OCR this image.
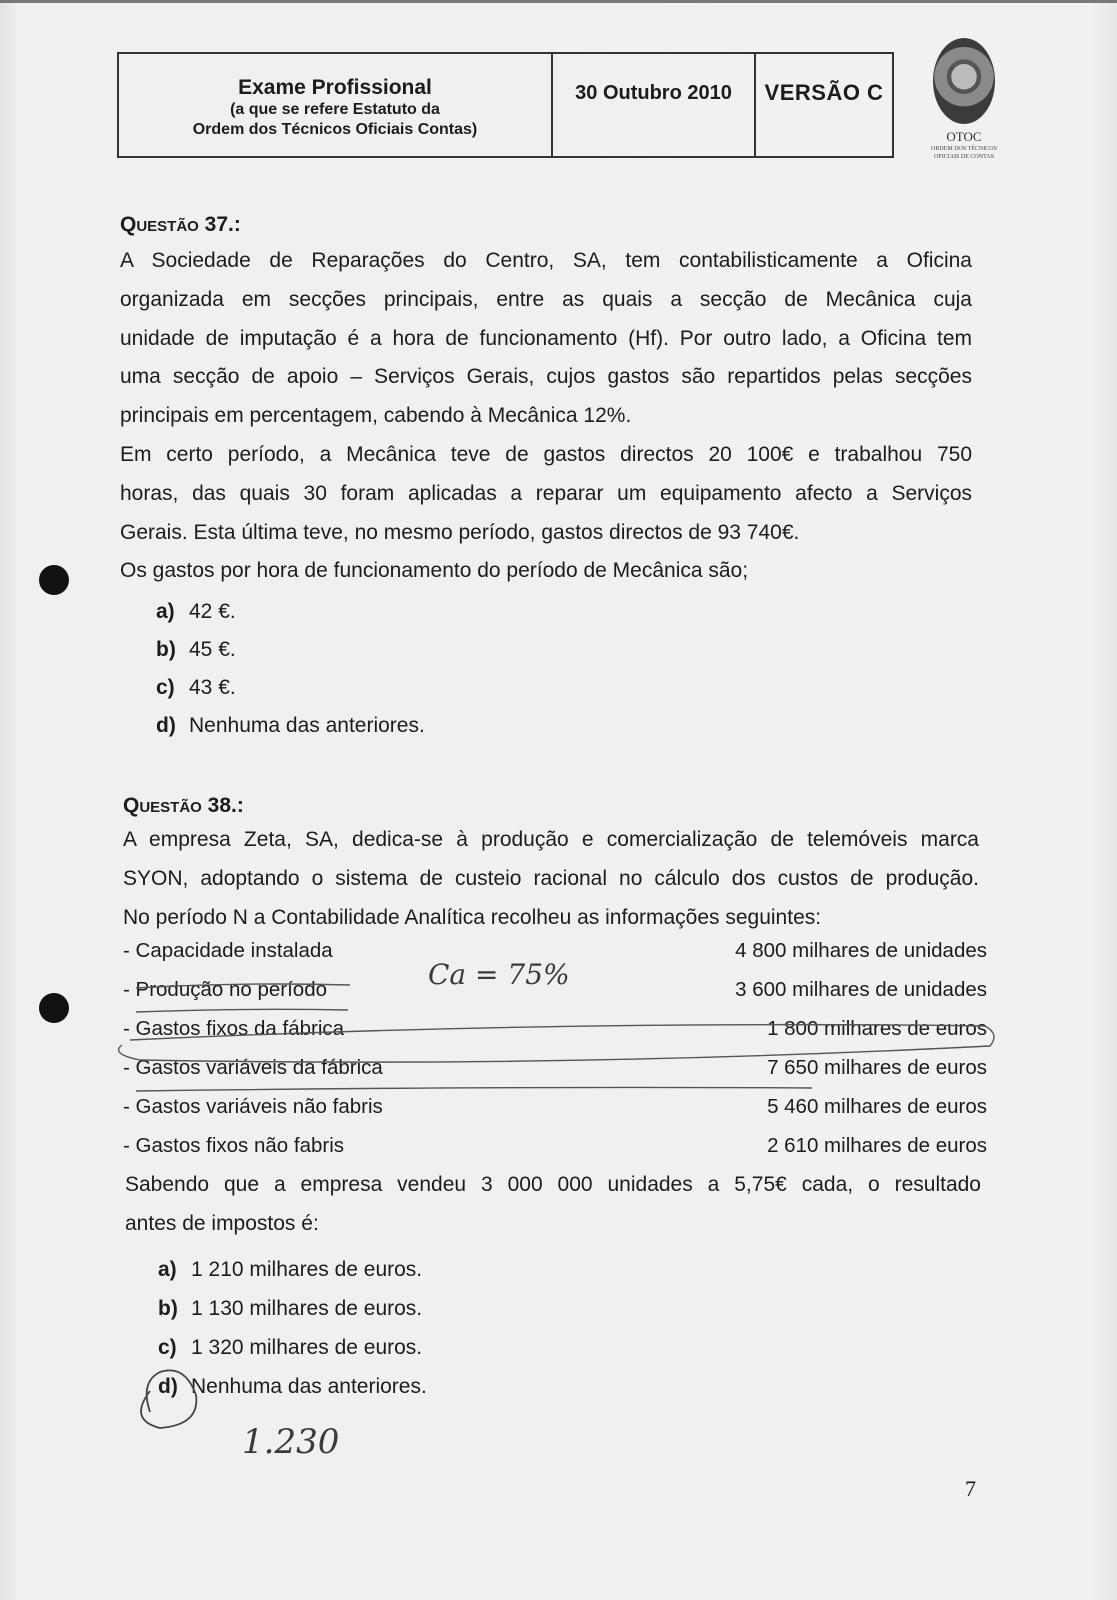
Exame Profissional
(a que se refere Estatuto da
Ordem dos Técnicos Oficiais Contas)
30 Outubro 2010	VERSÃO C
OTOC
ORDEM DOS TÉCNICOS
OFICIAIS DE CONTAS
Questão 37.:
A Sociedade de Reparações do Centro, SA, tem contabilisticamente a Oficina
organizada em secções principais, entre as quais a secção de Mecânica cuja
unidade de imputação é a hora de funcionamento (Hf). Por outro lado, a Oficina tem
uma secção de apoio – Serviços Gerais, cujos gastos são repartidos pelas secções
principais em percentagem, cabendo à Mecânica 12%.
Em certo período, a Mecânica teve de gastos directos 20 100€ e trabalhou 750
horas, das quais 30 foram aplicadas a reparar um equipamento afecto a Serviços
Gerais. Esta última teve, no mesmo período, gastos directos de 93 740€.
Os gastos por hora de funcionamento do período de Mecânica são;
a) 42 €.
b) 45 €.
c) 43 €.
d) Nenhuma das anteriores.
Questão 38.:
A empresa Zeta, SA, dedica-se à produção e comercialização de telemóveis marca
SYON, adoptando o sistema de custeio racional no cálculo dos custos de produção.
No período N a Contabilidade Analítica recolheu as informações seguintes:
- Capacidade instalada	4 800 milhares de unidades
- Produção no período	3 600 milhares de unidades
- Gastos fixos da fábrica	1 800 milhares de euros
- Gastos variáveis da fábrica	7 650 milhares de euros
- Gastos variáveis não fabris	5 460 milhares de euros
- Gastos fixos não fabris	2 610 milhares de euros
Sabendo que a empresa vendeu 3 000 000 unidades a 5,75€ cada, o resultado
antes de impostos é:
a) 1 210 milhares de euros.
b) 1 130 milhares de euros.
c) 1 320 milhares de euros.
d) Nenhuma das anteriores.
Ca = 75%
1.230
7
